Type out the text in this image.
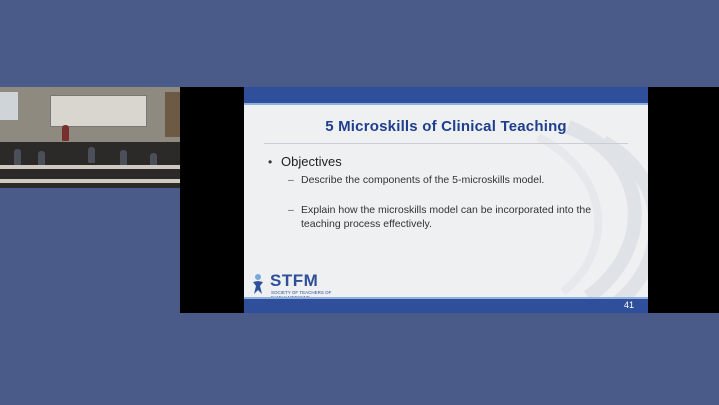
5 Microskills of Clinical Teaching
• Objectives
– Describe the components of the 5-microskills model.
– Explain how the microskills model can be incorporated into the teaching process effectively.
STFM
SOCIETY OF TEACHERS OF
41
